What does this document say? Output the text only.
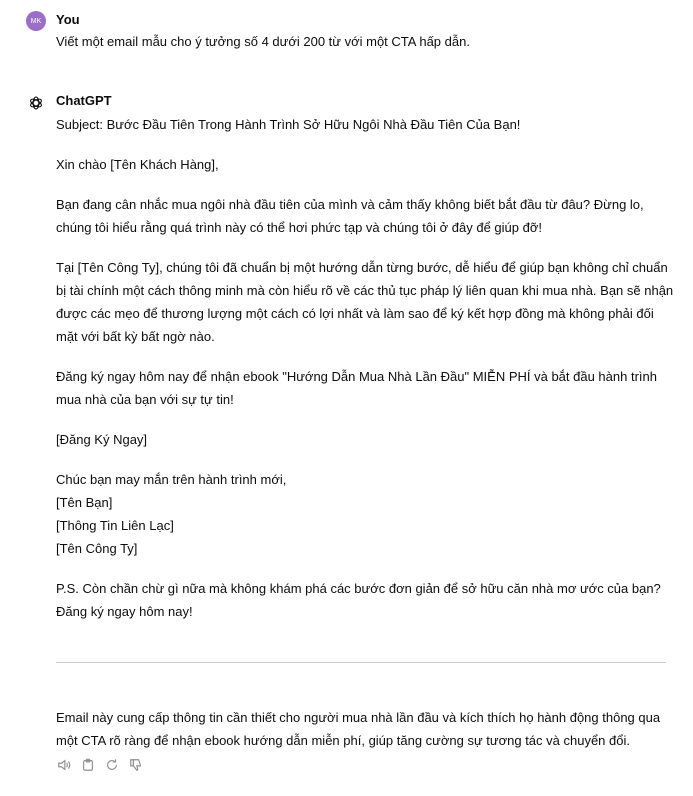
MK You
Viết một email mẫu cho ý tưởng số 4 dưới 200 từ với một CTA hấp dẫn.
ChatGPT

Subject: Bước Đầu Tiên Trong Hành Trình Sở Hữu Ngôi Nhà Đầu Tiên Của Bạn!

Xin chào [Tên Khách Hàng],

Bạn đang cân nhắc mua ngôi nhà đầu tiên của mình và cảm thấy không biết bắt đầu từ đâu? Đừng lo, chúng tôi hiểu rằng quá trình này có thể hơi phức tạp và chúng tôi ở đây để giúp đỡ!

Tại [Tên Công Ty], chúng tôi đã chuẩn bị một hướng dẫn từng bước, dễ hiểu để giúp bạn không chỉ chuẩn bị tài chính một cách thông minh mà còn hiểu rõ về các thủ tục pháp lý liên quan khi mua nhà. Bạn sẽ nhận được các mẹo để thương lượng một cách có lợi nhất và làm sao để ký kết hợp đồng mà không phải đối mặt với bất kỳ bất ngờ nào.

Đăng ký ngay hôm nay để nhận ebook "Hướng Dẫn Mua Nhà Lần Đầu" MIỄN PHÍ và bắt đầu hành trình mua nhà của bạn với sự tự tin!

[Đăng Ký Ngay]

Chúc bạn may mắn trên hành trình mới,

[Tên Bạn]

[Thông Tin Liên Lạc]

[Tên Công Ty]

P.S. Còn chần chừ gì nữa mà không khám phá các bước đơn giản để sở hữu căn nhà mơ ước của bạn? Đăng ký ngay hôm nay!

Email này cung cấp thông tin cần thiết cho người mua nhà lần đầu và kích thích họ hành động thông qua một CTA rõ ràng để nhận ebook hướng dẫn miễn phí, giúp tăng cường sự tương tác và chuyển đổi.
